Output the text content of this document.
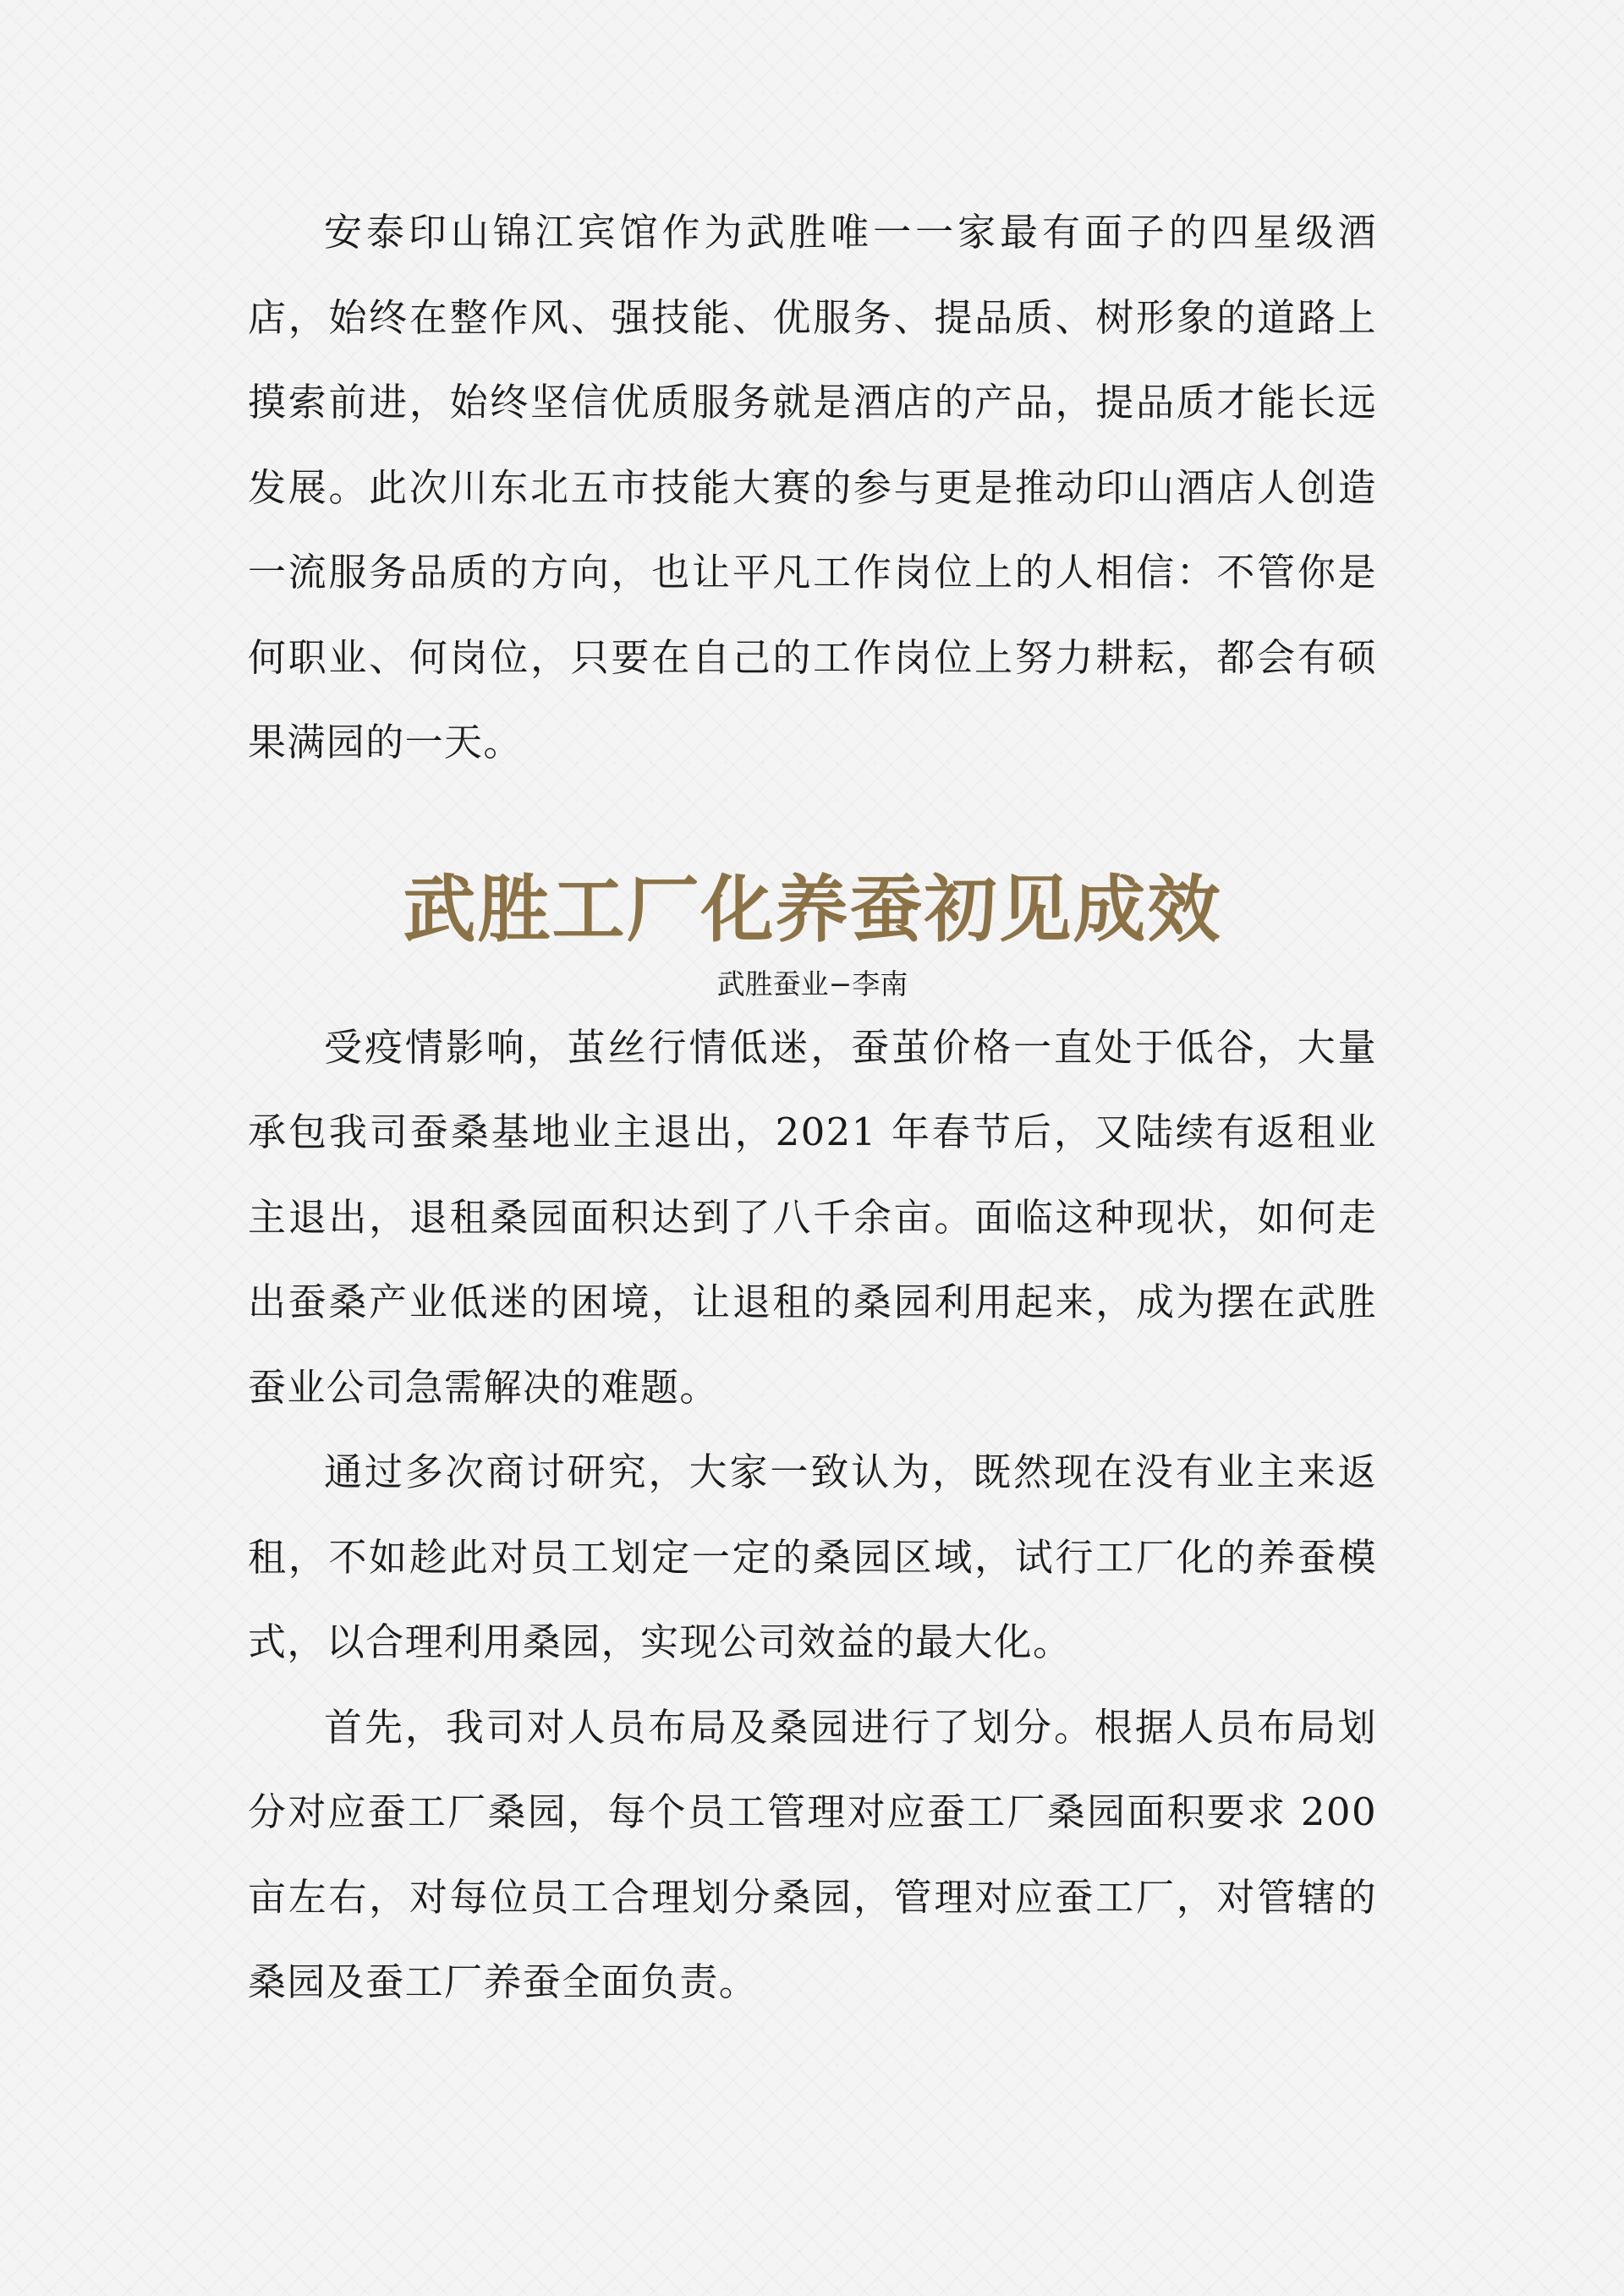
安泰印山锦江宾馆作为武胜唯一一家最有面子的四星级酒店，始终在整作风、强技能、优服务、提品质、树形象的道路上摸索前进，始终坚信优质服务就是酒店的产品，提品质才能长远发展。此次川东北五市技能大赛的参与更是推动印山酒店人创造一流服务品质的方向，也让平凡工作岗位上的人相信：不管你是何职业、何岗位，只要在自己的工作岗位上努力耕耘，都会有硕果满园的一天。

武胜工厂化养蚕初见成效
武胜蚕业−李南

受疫情影响，茧丝行情低迷，蚕茧价格一直处于低谷，大量承包我司蚕桑基地业主退出，2021 年春节后，又陆续有返租业主退出，退租桑园面积达到了八千余亩。面临这种现状，如何走出蚕桑产业低迷的困境，让退租的桑园利用起来，成为摆在武胜蚕业公司急需解决的难题。

通过多次商讨研究，大家一致认为，既然现在没有业主来返租，不如趁此对员工划定一定的桑园区域，试行工厂化的养蚕模式，以合理利用桑园，实现公司效益的最大化。

首先，我司对人员布局及桑园进行了划分。根据人员布局划分对应蚕工厂桑园，每个员工管理对应蚕工厂桑园面积要求 200 亩左右，对每位员工合理划分桑园，管理对应蚕工厂，对管辖的桑园及蚕工厂养蚕全面负责。
